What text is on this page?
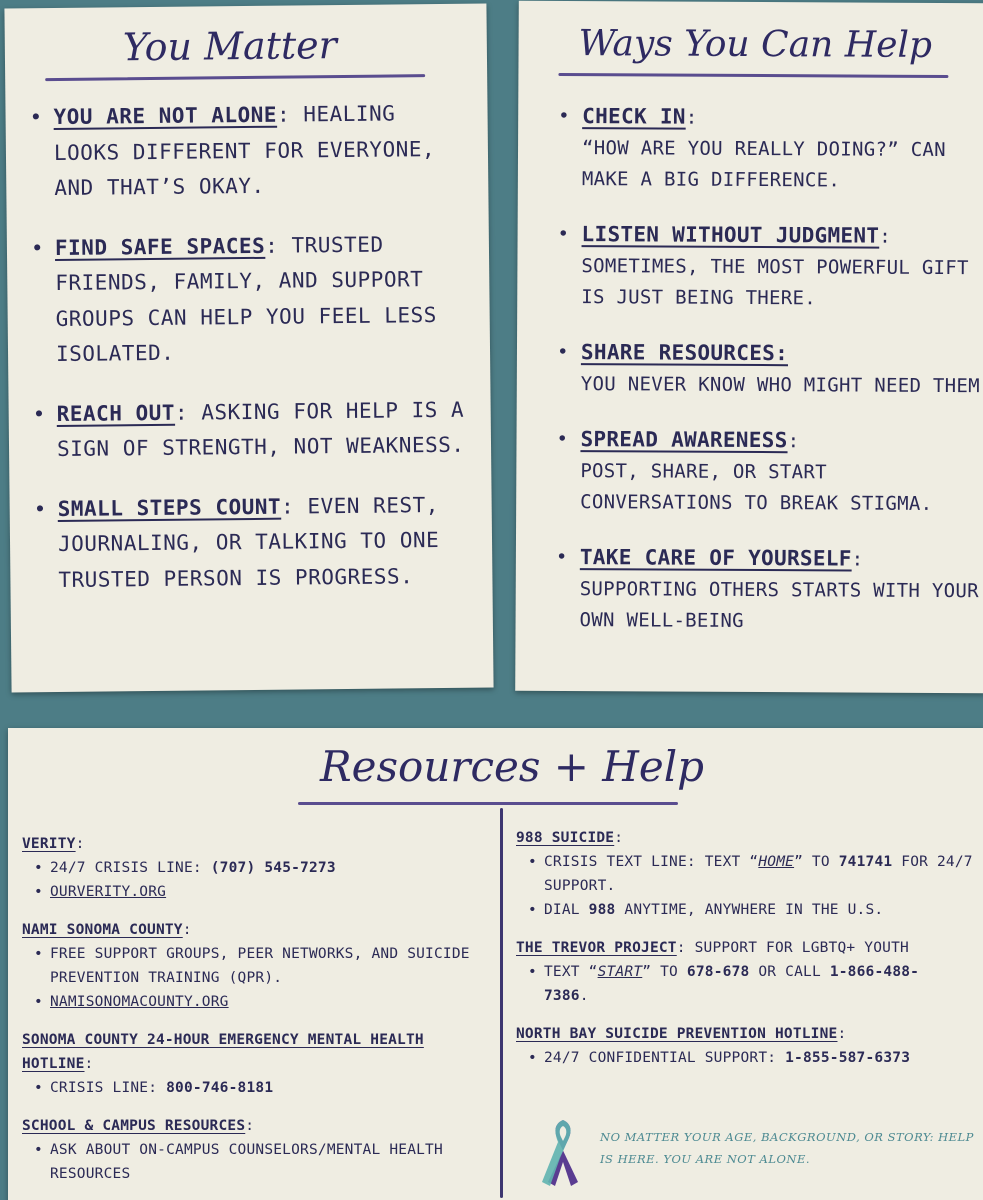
You Matter
• YOU ARE NOT ALONE: HEALING LOOKS DIFFERENT FOR EVERYONE, AND THAT’S OKAY.
• FIND SAFE SPACES: TRUSTED FRIENDS, FAMILY, AND SUPPORT GROUPS CAN HELP YOU FEEL LESS ISOLATED.
• REACH OUT: ASKING FOR HELP IS A SIGN OF STRENGTH, NOT WEAKNESS.
• SMALL STEPS COUNT: EVEN REST, JOURNALING, OR TALKING TO ONE TRUSTED PERSON IS PROGRESS.
Ways You Can Help
• CHECK IN:
“HOW ARE YOU REALLY DOING?” CAN MAKE A BIG DIFFERENCE.
• LISTEN WITHOUT JUDGMENT:
SOMETIMES, THE MOST POWERFUL GIFT IS JUST BEING THERE.
• SHARE RESOURCES:
YOU NEVER KNOW WHO MIGHT NEED THEM
• SPREAD AWARENESS:
POST, SHARE, OR START CONVERSATIONS TO BREAK STIGMA.
• TAKE CARE OF YOURSELF:
SUPPORTING OTHERS STARTS WITH YOUR OWN WELL-BEING
Resources + Help
VERITY:
• 24/7 CRISIS LINE: (707) 545-7273
• OURVERITY.ORG
NAMI SONOMA COUNTY:
• FREE SUPPORT GROUPS, PEER NETWORKS, AND SUICIDE PREVENTION TRAINING (QPR).
• NAMISONOMACOUNTY.ORG
SONOMA COUNTY 24-HOUR EMERGENCY MENTAL HEALTH HOTLINE:
• CRISIS LINE: 800-746-8181
SCHOOL & CAMPUS RESOURCES:
• ASK ABOUT ON-CAMPUS COUNSELORS/MENTAL HEALTH RESOURCES
988 SUICIDE:
• CRISIS TEXT LINE: TEXT “HOME” TO 741741 FOR 24/7 SUPPORT.
• DIAL 988 ANYTIME, ANYWHERE IN THE U.S.
THE TREVOR PROJECT: SUPPORT FOR LGBTQ+ YOUTH
• TEXT “START” TO 678-678 OR CALL 1-866-488-7386.
NORTH BAY SUICIDE PREVENTION HOTLINE:
• 24/7 CONFIDENTIAL SUPPORT: 1-855-587-6373
NO MATTER YOUR AGE, BACKGROUND, OR STORY: HELP IS HERE. YOU ARE NOT ALONE.
